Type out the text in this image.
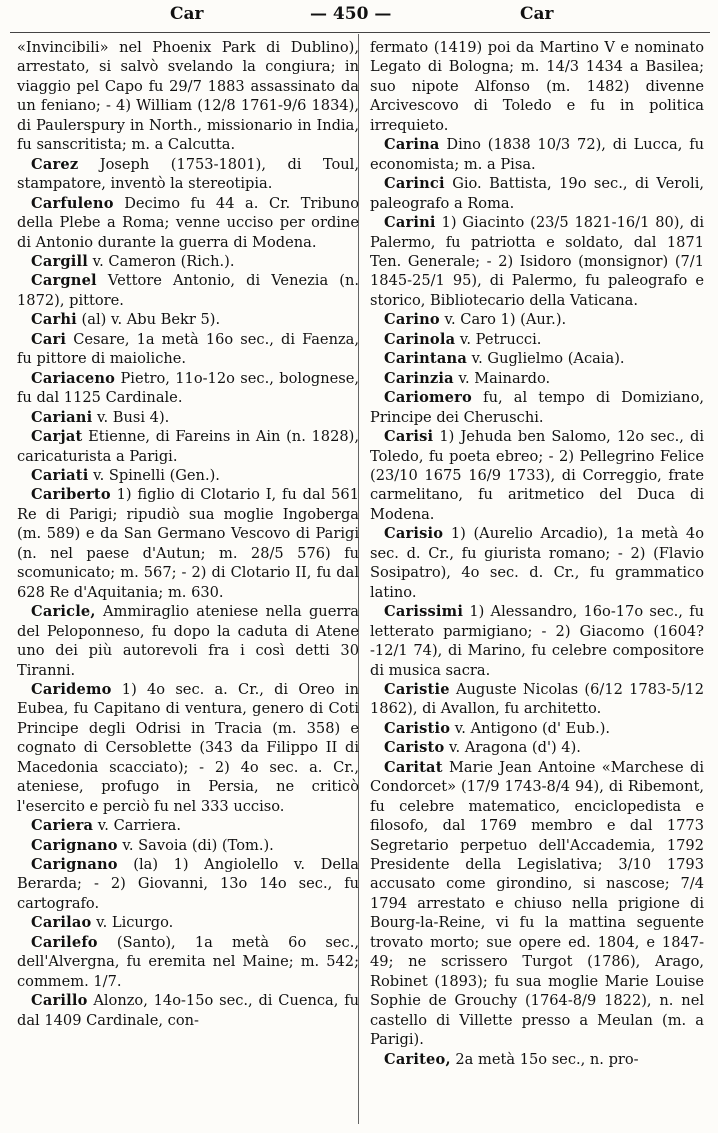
Car	— 450 —	Car

«Invincibili» nel Phoenix Park di Dublino), arrestato, si salvò svelando la congiura; in viaggio pel Capo fu 29/7 1883 assassinato da un feniano; - 4) William (12/8 1761-9/6 1834), di Paulerspury in North., missionario in India, fu sanscritista; m. a Calcutta.

Carez Joseph (1753-1801), di Toul, stampatore, inventò la stereotipia.

Carfuleno Decimo fu 44 a. Cr. Tribuno della Plebe a Roma; venne ucciso per ordine di Antonio durante la guerra di Modena.

Cargill v. Cameron (Rich.).

Cargnel Vettore Antonio, di Venezia (n. 1872), pittore.

Carhi (al) v. Abu Bekr 5).

Cari Cesare, 1a metà 16o sec., di Faenza, fu pittore di maioliche.

Cariaceno Pietro, 11o-12o sec., bolognese, fu dal 1125 Cardinale.

Cariani v. Busi 4).

Carjat Etienne, di Fareins in Ain (n. 1828), caricaturista a Parigi.

Cariati v. Spinelli (Gen.).

Cariberto 1) figlio di Clotario I, fu dal 561 Re di Parigi; ripudiò sua moglie Ingoberga (m. 589) e da San Germano Vescovo di Parigi (n. nel paese d'Autun; m. 28/5 576) fu scomunicato; m. 567; - 2) di Clotario II, fu dal 628 Re d'Aquitania; m. 630.

Caricle, Ammiraglio ateniese nella guerra del Peloponneso, fu dopo la caduta di Atene uno dei più autorevoli fra i così detti 30 Tiranni.

Caridemo 1) 4o sec. a. Cr., di Oreo in Eubea, fu Capitano di ventura, genero di Coti Principe degli Odrisi in Tracia (m. 358) e cognato di Cersoblette (343 da Filippo II di Macedonia scacciato); - 2) 4o sec. a. Cr., ateniese, profugo in Persia, ne criticò l'esercito e perciò fu nel 333 ucciso.

Cariera v. Carriera.

Carignano v. Savoia (di) (Tom.).

Carignano (la) 1) Angiolello v. Della Berarda; - 2) Giovanni, 13o 14o sec., fu cartografo.

Carilao v. Licurgo.

Carilefo (Santo), 1a metà 6o sec., dell'Alvergna, fu eremita nel Maine; m. 542; commem. 1/7.

Carillo Alonzo, 14o-15o sec., di Cuenca, fu dal 1409 Cardinale, con-

fermato (1419) poi da Martino V e nominato Legato di Bologna; m. 14/3 1434 a Basilea; suo nipote Alfonso (m. 1482) divenne Arcivescovo di Toledo e fu in politica irrequieto.

Carina Dino (1838 10/3 72), di Lucca, fu economista; m. a Pisa.

Carinci Gio. Battista, 19o sec., di Veroli, paleografo a Roma.

Carini 1) Giacinto (23/5 1821-16/1 80), di Palermo, fu patriotta e soldato, dal 1871 Ten. Generale; - 2) Isidoro (monsignor) (7/1 1845-25/1 95), di Palermo, fu paleografo e storico, Bibliotecario della Vaticana.

Carino v. Caro 1) (Aur.).

Carinola v. Petrucci.

Carintana v. Guglielmo (Acaia).

Carinzia v. Mainardo.

Cariomero fu, al tempo di Domiziano, Principe dei Cheruschi.

Carisi 1) Jehuda ben Salomo, 12o sec., di Toledo, fu poeta ebreo; - 2) Pellegrino Felice (23/10 1675 16/9 1733), di Correggio, frate carmelitano, fu aritmetico del Duca di Modena.

Carisio 1) (Aurelio Arcadio), 1a metà 4o sec. d. Cr., fu giurista romano; - 2) (Flavio Sosipatro), 4o sec. d. Cr., fu grammatico latino.

Carissimi 1) Alessandro, 16o-17o sec., fu letterato parmigiano; - 2) Giacomo (1604?-12/1 74), di Marino, fu celebre compositore di musica sacra.

Caristie Auguste Nicolas (6/12 1783-5/12 1862), di Avallon, fu architetto.

Caristio v. Antigono (d' Eub.).

Caristo v. Aragona (d') 4).

Caritat Marie Jean Antoine «Marchese di Condorcet» (17/9 1743-8/4 94), di Ribemont, fu celebre matematico, enciclopedista e filosofo, dal 1769 membro e dal 1773 Segretario perpetuo dell'Accademia, 1792 Presidente della Legislativa; 3/10 1793 accusato come girondino, si nascose; 7/4 1794 arrestato e chiuso nella prigione di Bourg-la-Reine, vi fu la mattina seguente trovato morto; sue opere ed. 1804, e 1847-49; ne scrissero Turgot (1786), Arago, Robinet (1893); fu sua moglie Marie Louise Sophie de Grouchy (1764-8/9 1822), n. nel castello di Villette presso a Meulan (m. a Parigi).

Cariteo, 2a metà 15o sec., n. pro-
